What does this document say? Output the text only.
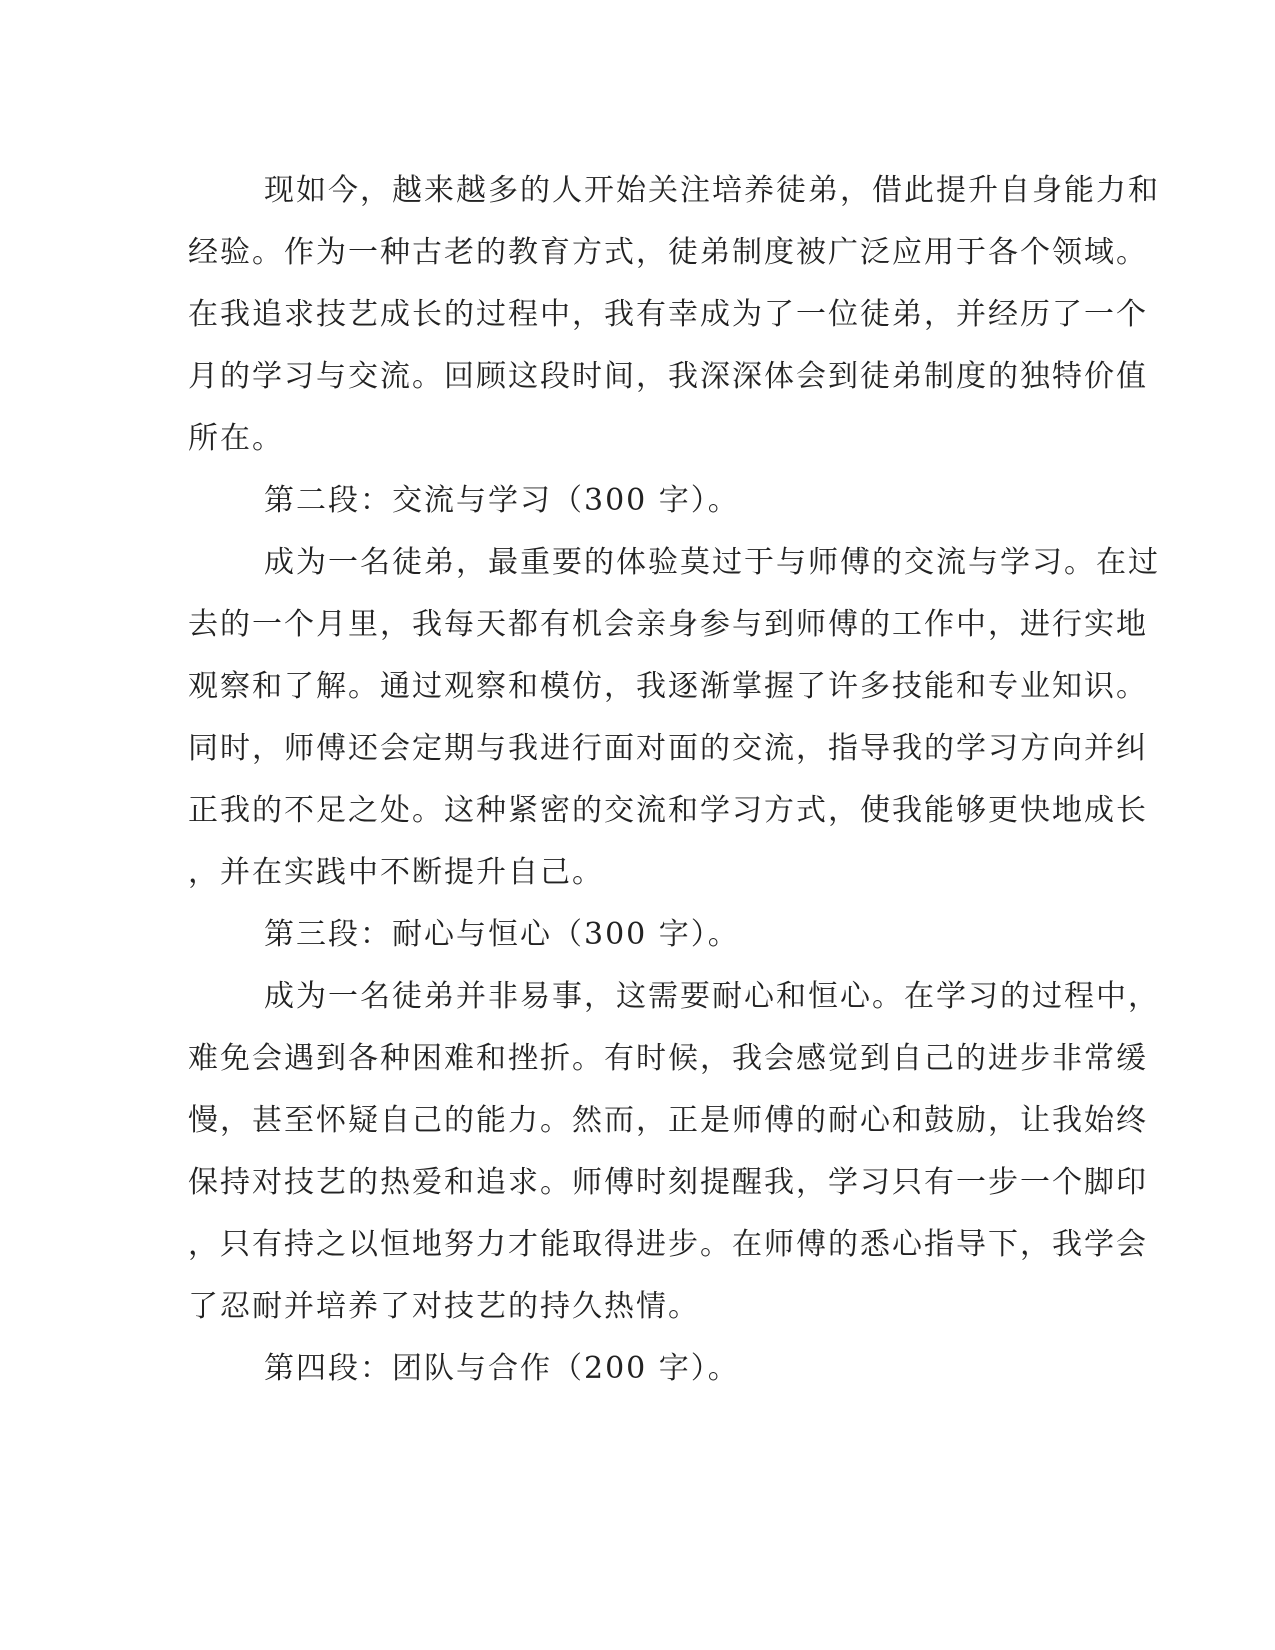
现如今，越来越多的人开始关注培养徒弟，借此提升自身能力和
经验。作为一种古老的教育方式，徒弟制度被广泛应用于各个领域。
在我追求技艺成长的过程中，我有幸成为了一位徒弟，并经历了一个
月的学习与交流。回顾这段时间，我深深体会到徒弟制度的独特价值
所在。
第二段：交流与学习（300 字）。
成为一名徒弟，最重要的体验莫过于与师傅的交流与学习。在过
去的一个月里，我每天都有机会亲身参与到师傅的工作中，进行实地
观察和了解。通过观察和模仿，我逐渐掌握了许多技能和专业知识。
同时，师傅还会定期与我进行面对面的交流，指导我的学习方向并纠
正我的不足之处。这种紧密的交流和学习方式，使我能够更快地成长
，并在实践中不断提升自己。
第三段：耐心与恒心（300 字）。
成为一名徒弟并非易事，这需要耐心和恒心。在学习的过程中，
难免会遇到各种困难和挫折。有时候，我会感觉到自己的进步非常缓
慢，甚至怀疑自己的能力。然而，正是师傅的耐心和鼓励，让我始终
保持对技艺的热爱和追求。师傅时刻提醒我，学习只有一步一个脚印
，只有持之以恒地努力才能取得进步。在师傅的悉心指导下，我学会
了忍耐并培养了对技艺的持久热情。
第四段：团队与合作（200 字）。
